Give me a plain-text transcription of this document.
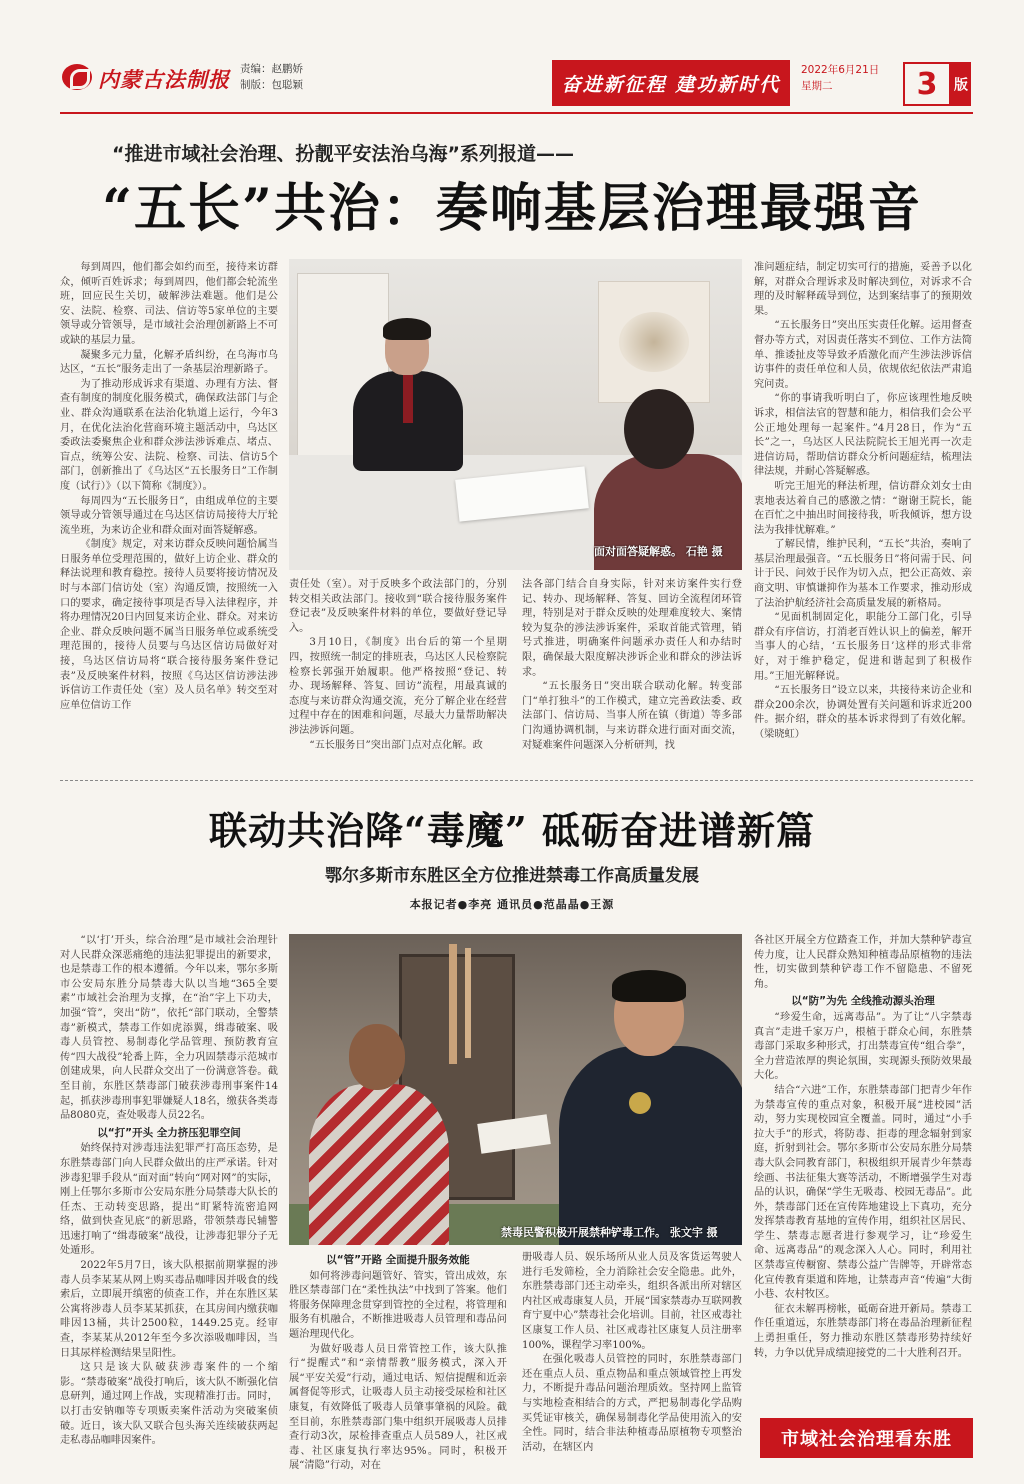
内蒙古法制报 责编：赵鹏娇
制版：包聪颖	奋进新征程 建功新时代
2022年6月21日
星期二	3	版
“推进市域社会治理、扮靓平安法治乌海”系列报道——
“五长”共治：奏响基层治理最强音

每到周四，他们都会如约而至，接待来访群众，倾听百姓诉求；每到周四，他们都会轮流坐班，回应民生关切，破解涉法难题。他们是公安、法院、检察、司法、信访等5家单位的主要领导或分管领导，是市域社会治理创新路上不可或缺的基层力量。

凝聚多元力量，化解矛盾纠纷，在乌海市乌达区，“五长”服务走出了一条基层治理新路子。

为了推动形成诉求有渠道、办理有方法、督查有制度的制度化服务模式，确保政法部门与企业、群众沟通联系在法治化轨道上运行，今年3月，在优化法治化营商环境主题活动中，乌达区委政法委聚焦企业和群众涉法涉诉难点、堵点、盲点，统筹公安、法院、检察、司法、信访5个部门，创新推出了《乌达区“五长服务日”工作制度（试行）》（以下简称《制度》）。

每周四为“五长服务日”，由组成单位的主要领导或分管领导通过在乌达区信访局接待大厅轮流坐班，为来访企业和群众面对面答疑解惑。

《制度》规定，对来访群众反映问题恰属当日服务单位受理范围的，做好上访企业、群众的释法说理和教育稳控。接待人员要将接访情况及时与本部门信访处（室）沟通反馈，按照统一入口的要求，确定接待事项是否导入法律程序，并将办理情况20日内回复来访企业、群众。对来访企业、群众反映问题不属当日服务单位或系统受理范围的，接待人员要与乌达区信访局做好对接，乌达区信访局将“联合接待服务案件登记表”及反映案件材料，按照《乌达区信访涉法涉诉信访工作责任处（室）及人员名单》转交至对应单位信访工作

面对面答疑解惑。 石艳 摄

责任处（室）。对于反映多个政法部门的，分别转交相关政法部门。接收到“联合接待服务案件登记表”及反映案件材料的单位，要做好登记导入。

3月10日，《制度》出台后的第一个星期四，按照统一制定的排班表，乌达区人民检察院检察长郭强开始履职。他严格按照“登记、转办、现场解释、答复、回访”流程，用最真诚的态度与来访群众沟通交流，充分了解企业在经营过程中存在的困难和问题，尽最大力量帮助解决涉法涉诉问题。

“五长服务日”突出部门点对点化解。政

法各部门结合自身实际，针对来访案件实行登记、转办、现场解释、答复、回访全流程闭环管理，特别是对于群众反映的处理难度较大、案情较为复杂的涉法涉诉案件，采取首能式管理，销号式推进，明确案件问题承办责任人和办结时限，确保最大限度解决涉诉企业和群众的涉法诉求。

“五长服务日”突出联合联动化解。转变部门“单打独斗”的工作模式，建立完善政法委、政法部门、信访局、当事人所在镇（街道）等多部门沟通协调机制，与来访群众进行面对面交流，对疑难案件问题深入分析研判，找

准问题症结，制定切实可行的措施，妥善予以化解，对群众合理诉求及时解决到位，对诉求不合理的及时解释疏导到位，达到案结事了的预期效果。

“五长服务日”突出压实责任化解。运用督查督办等方式，对因责任落实不到位、工作方法简单、推诿扯皮等导致矛盾激化而产生涉法涉诉信访事件的责任单位和人员，依规依纪依法严肃追究问责。

“你的事请我听明白了，你应该理性地反映诉求，相信法官的智慧和能力，相信我们会公平公正地处理每一起案件。”4月28日，作为“五长”之一，乌达区人民法院院长王旭光再一次走进信访局，帮助信访群众分析问题症结，梳理法律法规，并耐心答疑解惑。

听完王旭光的释法析理，信访群众刘女士由衷地表达着自己的感激之情：“谢谢王院长，能在百忙之中抽出时间接待我，听我倾诉，想方设法为我排忧解难。”

了解民情，维护民利，“五长”共治，奏响了基层治理最强音。“五长服务日”将问需于民、问计于民、问效于民作为切入点，把公正高效、亲商文明、审慎谦抑作为基本工作要求，推动形成了法治护航经济社会高质量发展的新格局。

“见面机制固定化，职能分工部门化，引导群众有序信访，打消老百姓认识上的偏差，解开当事人的心结，‘五长服务日’这样的形式非常好，对于维护稳定，促进和谐起到了积极作用。”王旭光解释说。

“五长服务日”设立以来，共接待来访企业和群众200余次，协调处置有关问题和诉求近200件。据介绍，群众的基本诉求得到了有效化解。（梁晓虹）

联动共治降“毒魔” 砥砺奋进谱新篇
鄂尔多斯市东胜区全方位推进禁毒工作高质量发展
本报记者●李亮 通讯员●范晶晶●王源

“以‘打’开头，综合治理”是市域社会治理针对人民群众深恶痛绝的违法犯罪提出的新要求，也是禁毒工作的根本遵循。今年以来，鄂尔多斯市公安局东胜分局禁毒大队以当地“365全要素”市域社会治理为支撑，在“治”字上下功夫，加强“管”，突出“防”，依托“部门联动，全警禁毒”新模式，禁毒工作如虎添翼，缉毒破案、吸毒人员管控、易制毒化学品管理、预防教育宣传“四大战役”轮番上阵，全力巩固禁毒示范城市创建成果，向人民群众交出了一份满意答卷。截至目前，东胜区禁毒部门破获涉毒刑事案件14起，抓获涉毒刑事犯罪嫌疑人18名，缴获各类毒品8080克，查处吸毒人员22名。

以“打”开头 全力挤压犯罪空间

始终保持对涉毒违法犯罪严打高压态势，是东胜禁毒部门向人民群众做出的庄严承诺。针对涉毒犯罪手段从“面对面”转向“网对网”的实际，刚上任鄂尔多斯市公安局东胜分局禁毒大队长的任杰、王动转变思路，提出“盯紧特流密追网络，做到快查见底”的新思路，带领禁毒民辅警迅速打响了“缉毒破案”战役，让涉毒犯罪分子无处遁形。

2022年5月7日，该大队根据前期掌握的涉毒人员李某某从网上购买毒品咖啡因并吸食的线索后，立即展开缜密的侦查工作，并在东胜区某公寓将涉毒人员李某某抓获，在其房间内缴获咖啡因13桶，共计2500粒，1449.25克。经审查，李某某从2012年至今多次添吸咖啡因，当日其尿样检测结果呈阳性。

这只是该大队破获涉毒案件的一个缩影。“禁毒破案”战役打响后，该大队不断强化信息研判，通过网上作战，实现精准打击。同时，以打击安钠咖等专项贩卖案件活动为突破案侦破。近日，该大队又联合包头海关连续破获两起走私毒品咖啡因案件。

禁毒民警积极开展禁种铲毒工作。 张文宇 摄
以“管”开路 全面提升服务效能

如何将涉毒问题管好、管实，管出成效，东胜区禁毒部门在“柔性执法”中找到了答案。他们将服务保障理念贯穿到管控的全过程，将管理和服务有机融合，不断推进吸毒人员管理和毒品问题治理现代化。

为做好吸毒人员日常管控工作，该大队推行“提醒式”和“亲情帮教”服务模式，深入开展“平安关爱”行动，通过电话、短信提醒和近亲属督促等形式，让吸毒人员主动接受尿检和社区康复，有效降低了吸毒人员肇事肇祸的风险。截至目前，东胜禁毒部门集中组织开展吸毒人员排查行动3次，尿检排查重点人员589人，社区戒毒、社区康复执行率达95%。同时，积极开展“清隐”行动，对在

册吸毒人员、娱乐场所从业人员及客货运驾驶人进行毛发筛检，全力消除社会安全隐患。此外，东胜禁毒部门还主动牵头，组织各派出所对辖区内社区戒毒康复人员，开展“国家禁毒办互联网教育宁夏中心”禁毒社会化培训。目前，社区戒毒社区康复工作人员、社区戒毒社区康复人员注册率100%，课程学习率100%。

在强化吸毒人员管控的同时，东胜禁毒部门还在重点人员、重点物品和重点领域管控上再发力，不断提升毒品问题治理质效。坚持网上监管与实地检查相结合的方式，严把易制毒化学品购买凭证审核关，确保易制毒化学品使用流入的安全性。同时，结合非法种植毒品原植物专项整治活动，在辖区内

各社区开展全方位踏查工作，并加大禁种铲毒宣传力度，让人民群众熟知种植毒品原植物的违法性，切实做到禁种铲毒工作不留隐患、不留死角。

以“防”为先 全线推动源头治理

“珍爱生命，远离毒品”。为了让“八字禁毒真言”走进千家万户，根植于群众心间，东胜禁毒部门采取多种形式，打出禁毒宣传“组合拳”，全力营造浓厚的舆论氛围，实现源头预防效果最大化。

结合“六进”工作，东胜禁毒部门把青少年作为禁毒宣传的重点对象，积极开展“进校园”活动，努力实现校园宣全覆盖。同时，通过“小手拉大手”的形式，将防毒、拒毒的理念辐射到家庭，折射到社会。鄂尔多斯市公安局东胜分局禁毒大队会同教育部门，积极组织开展青少年禁毒绘画、书法征集大赛等活动，不断增强学生对毒品的认识，确保“学生无吸毒、校园无毒品”。此外，禁毒部门还在宣传阵地建设上下真功，充分发挥禁毒教育基地的宣传作用，组织社区居民、学生、禁毒志愿者进行参观学习，让“珍爱生命、远离毒品”的观念深入人心。同时，利用社区禁毒宣传橱窗、禁毒公益广告牌等，开辟常态化宣传教育渠道和阵地，让禁毒声音“传遍”大街小巷、农村牧区。

征衣未解再榜帐，砥砺奋进开新局。禁毒工作任重道远，东胜禁毒部门将在毒品治理新征程上勇担重任，努力推动东胜区禁毒形势持续好转，力争以优异成绩迎接党的二十大胜利召开。

市域社会治理看东胜
